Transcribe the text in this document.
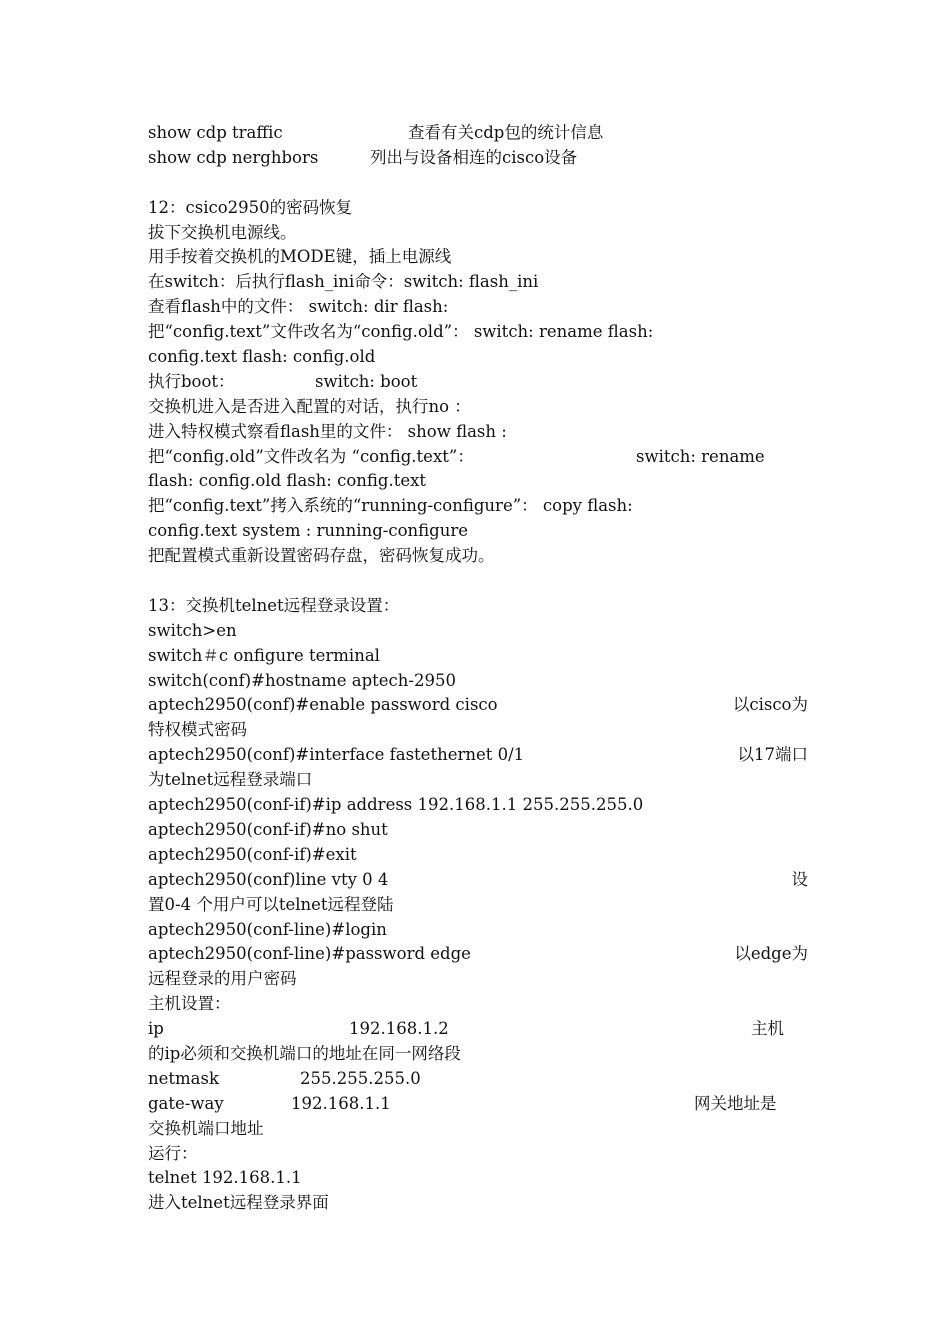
show cdp traffic	查看有关cdp包的统计信息
show cdp nerghbors	列出与设备相连的cisco设备
12：csico2950的密码恢复
拔下交换机电源线。
用手按着交换机的MODE键，插上电源线
在switch：后执行flash_ini命令：switch: flash_ini
查看flash中的文件： switch: dir flash:
把“config.text”文件改名为“config.old”： switch: rename flash:
config.text flash: config.old
执行boot：	switch: boot
交换机进入是否进入配置的对话，执行no ：
进入特权模式察看flash里的文件： show flash :
把“config.old”文件改名为 “config.text”：	switch: rename
flash: config.old flash: config.text
把“config.text”拷入系统的“running-configure”： copy flash:
config.text system : running-configure
把配置模式重新设置密码存盘，密码恢复成功。
13：交换机telnet远程登录设置：
switch>en
switch＃c onfigure terminal
switch(conf)#hostname aptech-2950
aptech2950(conf)#enable password cisco	以cisco为
特权模式密码
aptech2950(conf)#interface fastethernet 0/1	以17端口
为telnet远程登录端口
aptech2950(conf-if)#ip address 192.168.1.1 255.255.255.0
aptech2950(conf-if)#no shut
aptech2950(conf-if)#exit
aptech2950(conf)line vty 0 4	设
置0-4 个用户可以telnet远程登陆
aptech2950(conf-line)#login
aptech2950(conf-line)#password edge	以edge为
远程登录的用户密码
主机设置：
ip	192.168.1.2	主机
的ip必须和交换机端口的地址在同一网络段
netmask	255.255.255.0
gate-way	192.168.1.1	网关地址是
交换机端口地址
运行：
telnet 192.168.1.1
进入telnet远程登录界面
